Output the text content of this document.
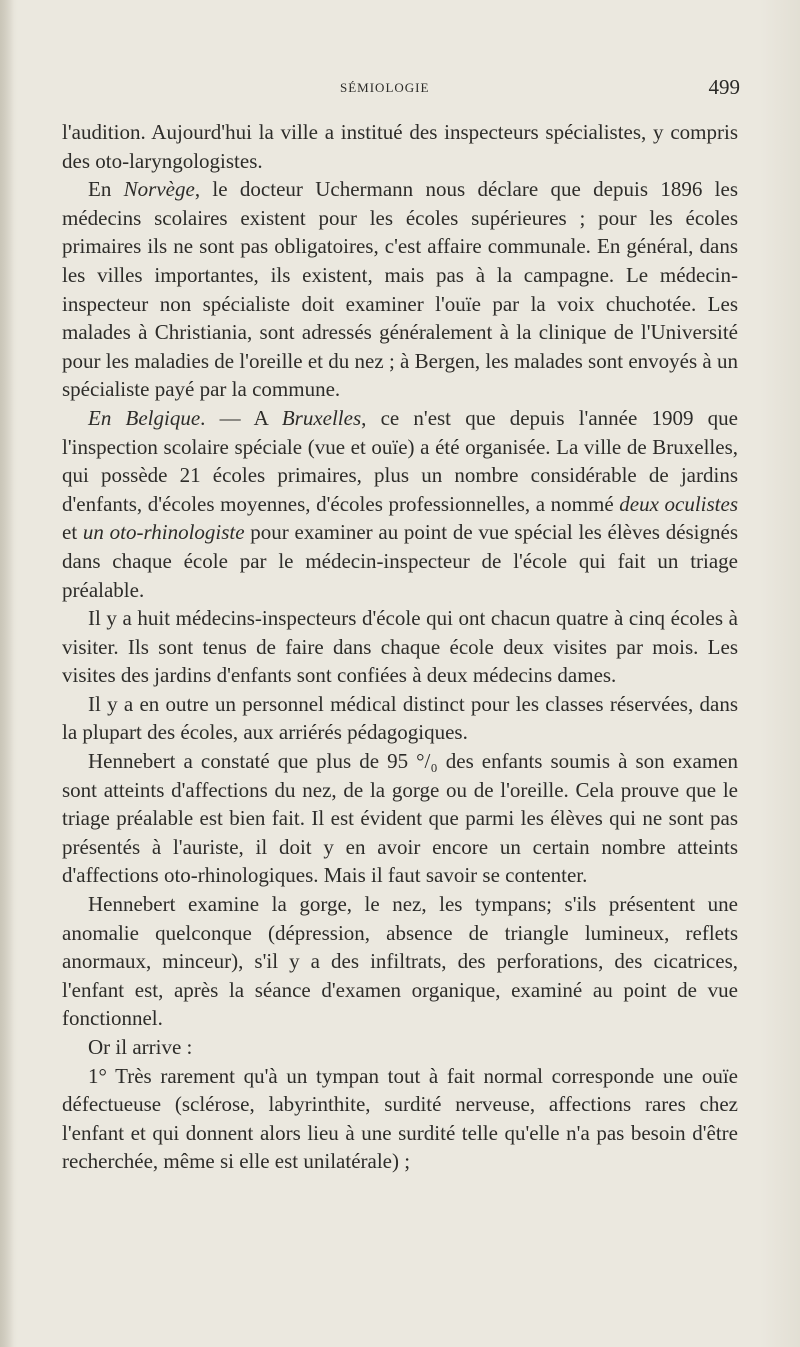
SÉMIOLOGIE	499

l'audition. Aujourd'hui la ville a institué des inspecteurs spécialistes, y compris des oto-laryngologistes.

En Norvège, le docteur Uchermann nous déclare que depuis 1896 les médecins scolaires existent pour les écoles supérieures ; pour les écoles primaires ils ne sont pas obligatoires, c'est affaire communale. En général, dans les villes importantes, ils existent, mais pas à la campagne. Le médecin-inspecteur non spécialiste doit examiner l'ouïe par la voix chuchotée. Les malades à Christiania, sont adressés généralement à la clinique de l'Université pour les maladies de l'oreille et du nez ; à Bergen, les malades sont envoyés à un spécialiste payé par la commune.

En Belgique. — A Bruxelles, ce n'est que depuis l'année 1909 que l'inspection scolaire spéciale (vue et ouïe) a été organisée. La ville de Bruxelles, qui possède 21 écoles primaires, plus un nombre considérable de jardins d'enfants, d'écoles moyennes, d'écoles professionnelles, a nommé deux oculistes et un oto-rhinologiste pour examiner au point de vue spécial les élèves désignés dans chaque école par le médecin-inspecteur de l'école qui fait un triage préalable.

Il y a huit médecins-inspecteurs d'école qui ont chacun quatre à cinq écoles à visiter. Ils sont tenus de faire dans chaque école deux visites par mois. Les visites des jardins d'enfants sont confiées à deux médecins dames.

Il y a en outre un personnel médical distinct pour les classes réservées, dans la plupart des écoles, aux arriérés pédagogiques.

Hennebert a constaté que plus de 95 °/₀ des enfants soumis à son examen sont atteints d'affections du nez, de la gorge ou de l'oreille. Cela prouve que le triage préalable est bien fait. Il est évident que parmi les élèves qui ne sont pas présentés à l'auriste, il doit y en avoir encore un certain nombre atteints d'affections oto-rhinologiques. Mais il faut savoir se contenter.

Hennebert examine la gorge, le nez, les tympans; s'ils présentent une anomalie quelconque (dépression, absence de triangle lumineux, reflets anormaux, minceur), s'il y a des infiltrats, des perforations, des cicatrices, l'enfant est, après la séance d'examen organique, examiné au point de vue fonctionnel.

Or il arrive :

1° Très rarement qu'à un tympan tout à fait normal corresponde une ouïe défectueuse (sclérose, labyrinthite, surdité nerveuse, affections rares chez l'enfant et qui donnent alors lieu à une surdité telle qu'elle n'a pas besoin d'être recherchée, même si elle est unilatérale) ;
